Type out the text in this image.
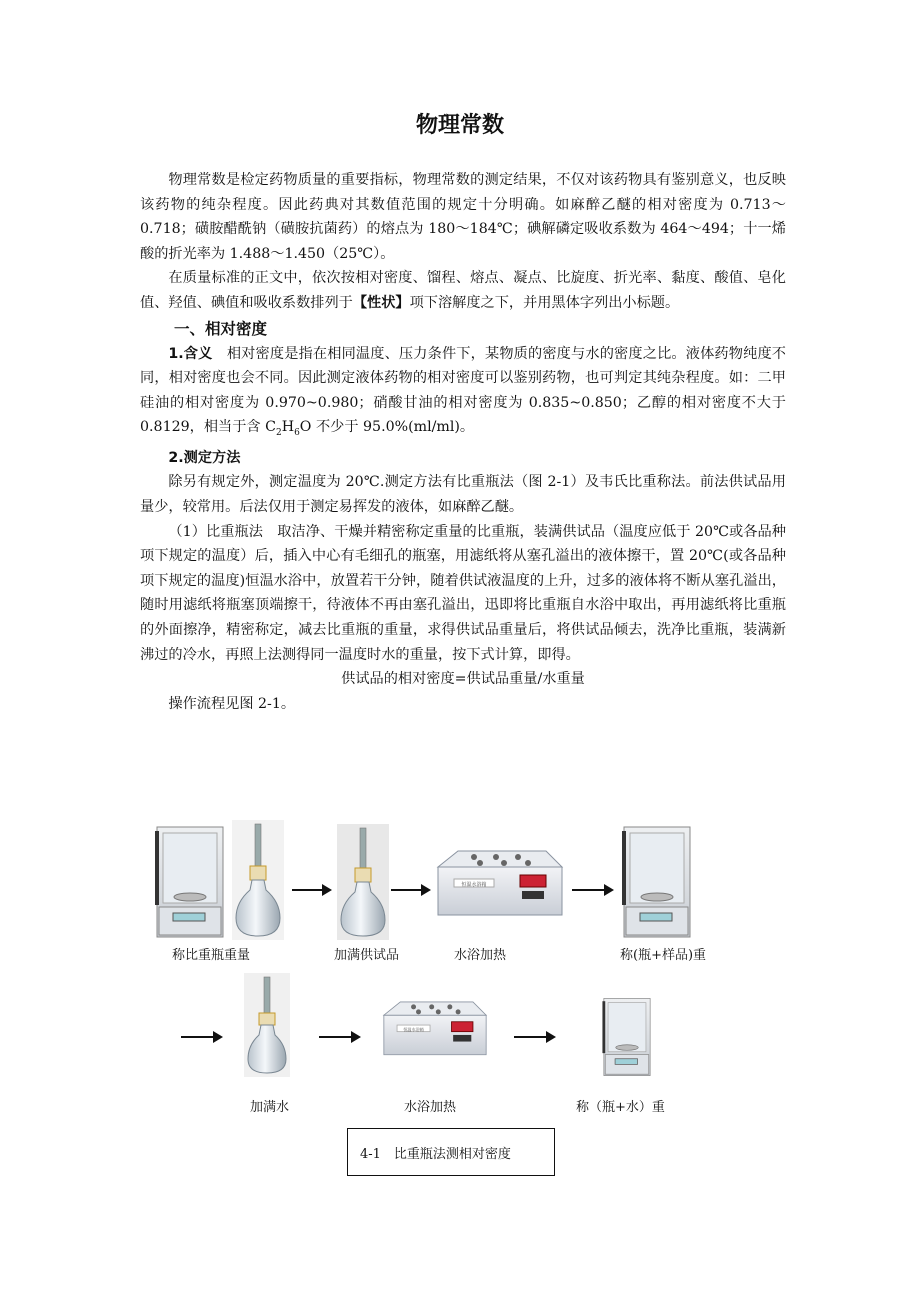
物理常数

物理常数是检定药物质量的重要指标，物理常数的测定结果，不仅对该药物具有鉴别意义，也反映该药物的纯杂程度。因此药典对其数值范围的规定十分明确。如麻醉乙醚的相对密度为 0.713～0.718；磺胺醋酰钠（磺胺抗菌药）的熔点为 180～184℃；碘解磷定吸收系数为 464～494；十一烯酸的折光率为 1.488～1.450（25℃）。

在质量标准的正文中，依次按相对密度、馏程、熔点、凝点、比旋度、折光率、黏度、酸值、皂化值、羟值、碘值和吸收系数排列于【性状】项下溶解度之下，并用黑体字列出小标题。

一、相对密度

1.含义　 相对密度是指在相同温度、压力条件下，某物质的密度与水的密度之比。液体药物纯度不同，相对密度也会不同。因此测定液体药物的相对密度可以鉴别药物，也可判定其纯杂程度。如：二甲硅油的相对密度为 0.970~0.980；硝酸甘油的相对密度为 0.835~0.850；乙醇的相对密度不大于 0.8129，相当于含 $C_2H_6O$ 不少于 95.0%(ml/ml)。

2.测定方法

除另有规定外，测定温度为 20℃.测定方法有比重瓶法（图 2-1）及韦氏比重称法。前法供试品用量少，较常用。后法仅用于测定易挥发的液体，如麻醉乙醚。

（1）比重瓶法　取洁净、干燥并精密称定重量的比重瓶，装满供试品（温度应低于 20℃或各品种项下规定的温度）后，插入中心有毛细孔的瓶塞，用滤纸将从塞孔溢出的液体擦干，置 20℃(或各品种项下规定的温度)恒温水浴中，放置若干分钟，随着供试液温度的上升，过多的液体将不断从塞孔溢出，随时用滤纸将瓶塞顶端擦干，待液体不再由塞孔溢出，迅即将比重瓶自水浴中取出，再用滤纸将比重瓶的外面擦净，精密称定，减去比重瓶的重量，求得供试品重量后，将供试品倾去，洗净比重瓶，装满新沸过的冷水，再照上法测得同一温度时水的重量，按下式计算，即得。

供试品的相对密度=供试品重量/水重量

操作流程见图 2-1。

恒温水浴箱
称比重瓶重量	加满供试品	水浴加热	称(瓶+样品)重
恒温水浴箱
加满水	水浴加热	称（瓶+水）重
4-1　比重瓶法测相对密度
